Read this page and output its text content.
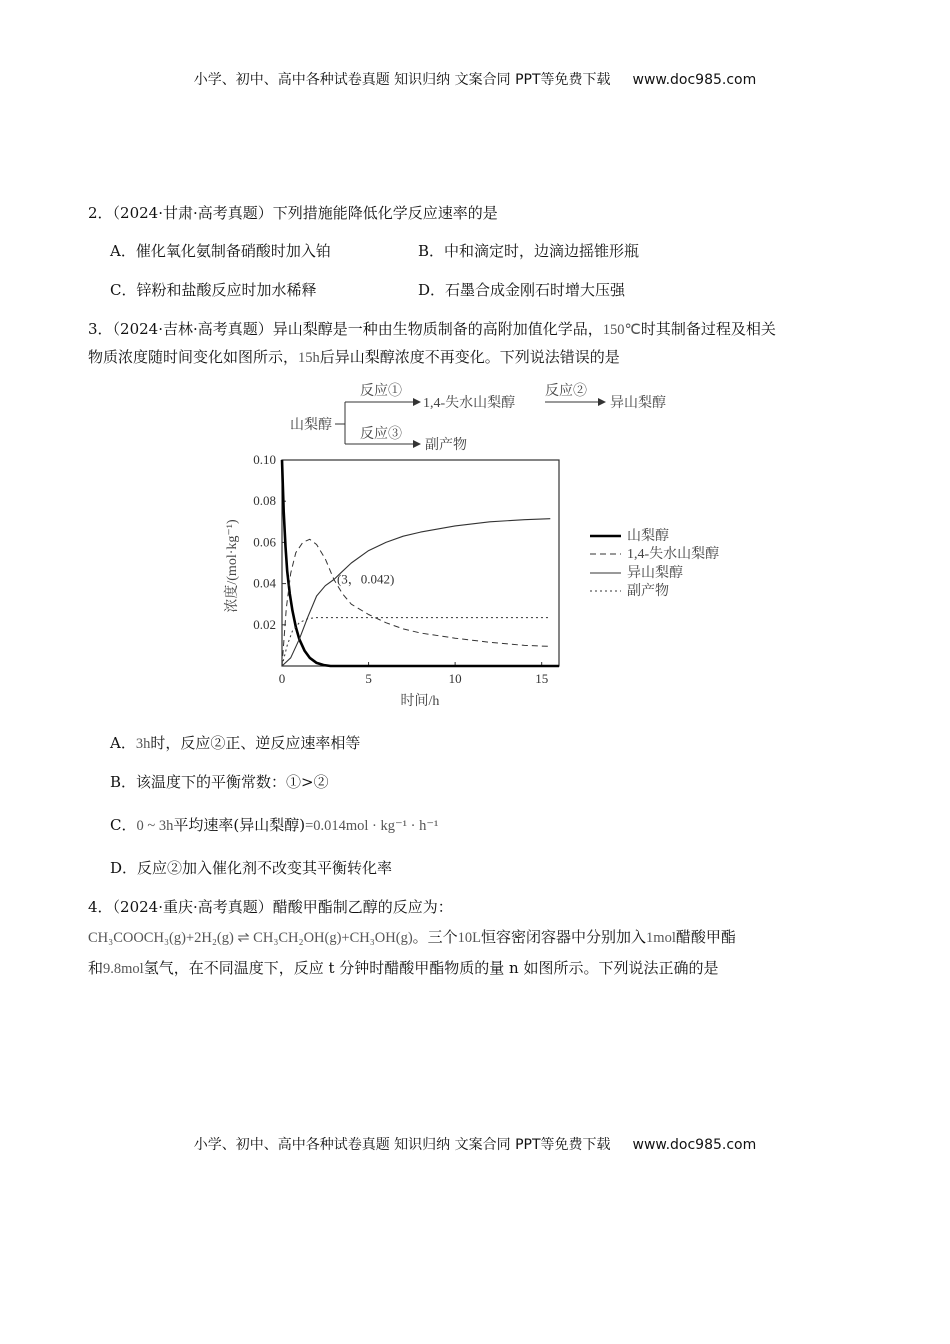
小学、初中、高中各种试卷真题 知识归纳 文案合同 PPT等免费下载 www.doc985.com
小学、初中、高中各种试卷真题 知识归纳 文案合同 PPT等免费下载 www.doc985.com
2．（2024·甘肃·高考真题）下列措施能降低化学反应速率的是
A．催化氧化氨制备硝酸时加入铂	B．中和滴定时，边滴边摇锥形瓶
C．锌粉和盐酸反应时加水稀释	D．石墨合成金刚石时增大压强
3．（2024·吉林·高考真题）异山梨醇是一种由生物质制备的高附加值化学品，150℃时其制备过程及相关
物质浓度随时间变化如图所示，15h后异山梨醇浓度不再变化。下列说法错误的是
山梨醇
反应①
反应③
1,4-失水山梨醇
反应②
异山梨醇
副产物
0	5	10	15
0.02
0.04
0.06
0.08
0.10
(3，0.042)
时间/h
浓度/(mol·kg⁻¹)	山梨醇
1,4-失水山梨醇
异山梨醇
副产物
A．3h时，反应②正、逆反应速率相等
B．该温度下的平衡常数：①>②
C．0 ~ 3h平均速率(异山梨醇)=0.014mol · kg⁻¹ · h⁻¹
D．反应②加入催化剂不改变其平衡转化率
4．（2024·重庆·高考真题）醋酸甲酯制乙醇的反应为：
CH₃COOCH₃(g)+2H₂(g) ⇌ CH₃CH₂OH(g)+CH₃OH(g)。三个10L恒容密闭容器中分别加入1mol醋酸甲酯
和9.8mol氢气，在不同温度下，反应 t 分钟时醋酸甲酯物质的量 n 如图所示。下列说法正确的是
